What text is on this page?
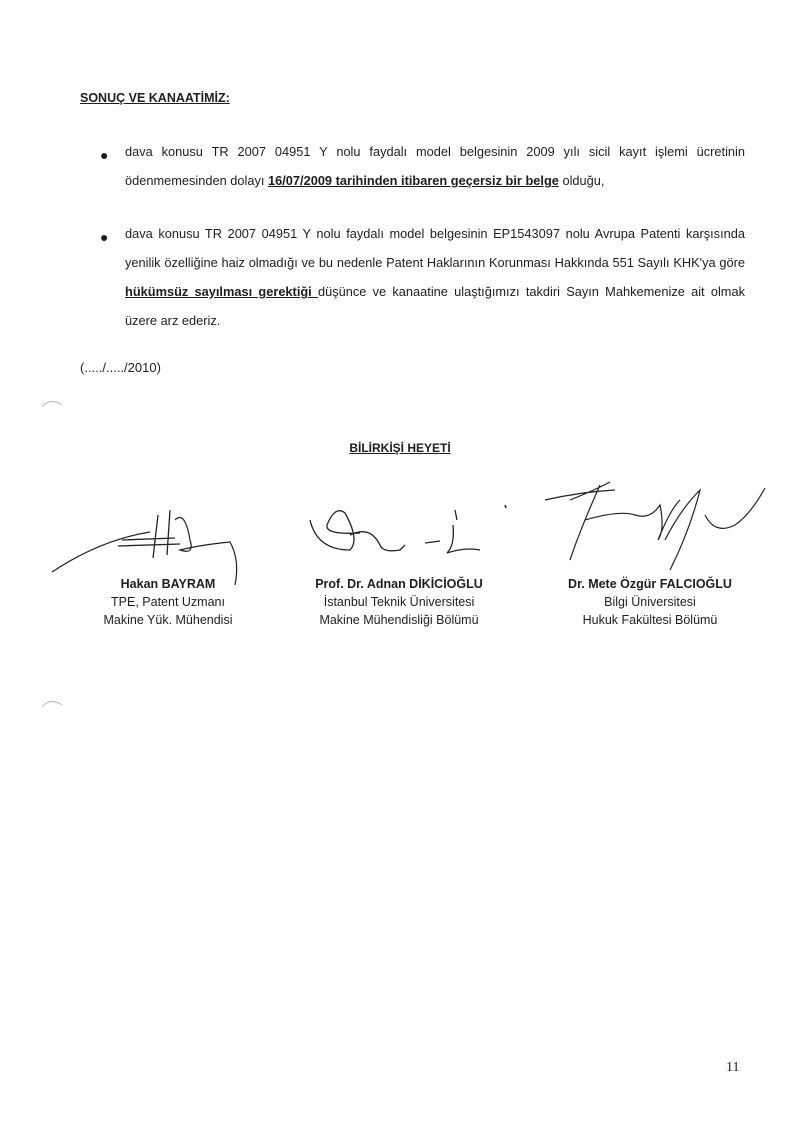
SONUÇ VE KANAATİMİZ:
●	dava konusu TR 2007 04951 Y nolu faydalı model belgesinin 2009 yılı sicil kayıt işlemi ücretinin ödenmemesinden dolayı 16/07/2009 tarihinden itibaren geçersiz bir belge olduğu,

●	dava konusu TR 2007 04951 Y nolu faydalı model belgesinin EP1543097 nolu Avrupa Patenti karşısında yenilik özelliğine haiz olmadığı ve bu nedenle Patent Haklarının Korunması Hakkında 551 Sayılı KHK'ya göre hükümsüz sayılması gerektiği düşünce ve kanaatine ulaştığımızı takdiri Sayın Mahkemenize ait olmak üzere arz ederiz.

(...../...../2010)
BİLİRKİŞİ HEYETİ
Hakan BAYRAM
TPE, Patent Uzmanı
Makine Yük. Mühendisi
Prof. Dr. Adnan DİKİCİOĞLU
İstanbul Teknik Üniversitesi
Makine Mühendisliği Bölümü
Dr. Mete Özgür FALCIOĞLU
Bilgi Üniversitesi
Hukuk Fakültesi Bölümü
11
